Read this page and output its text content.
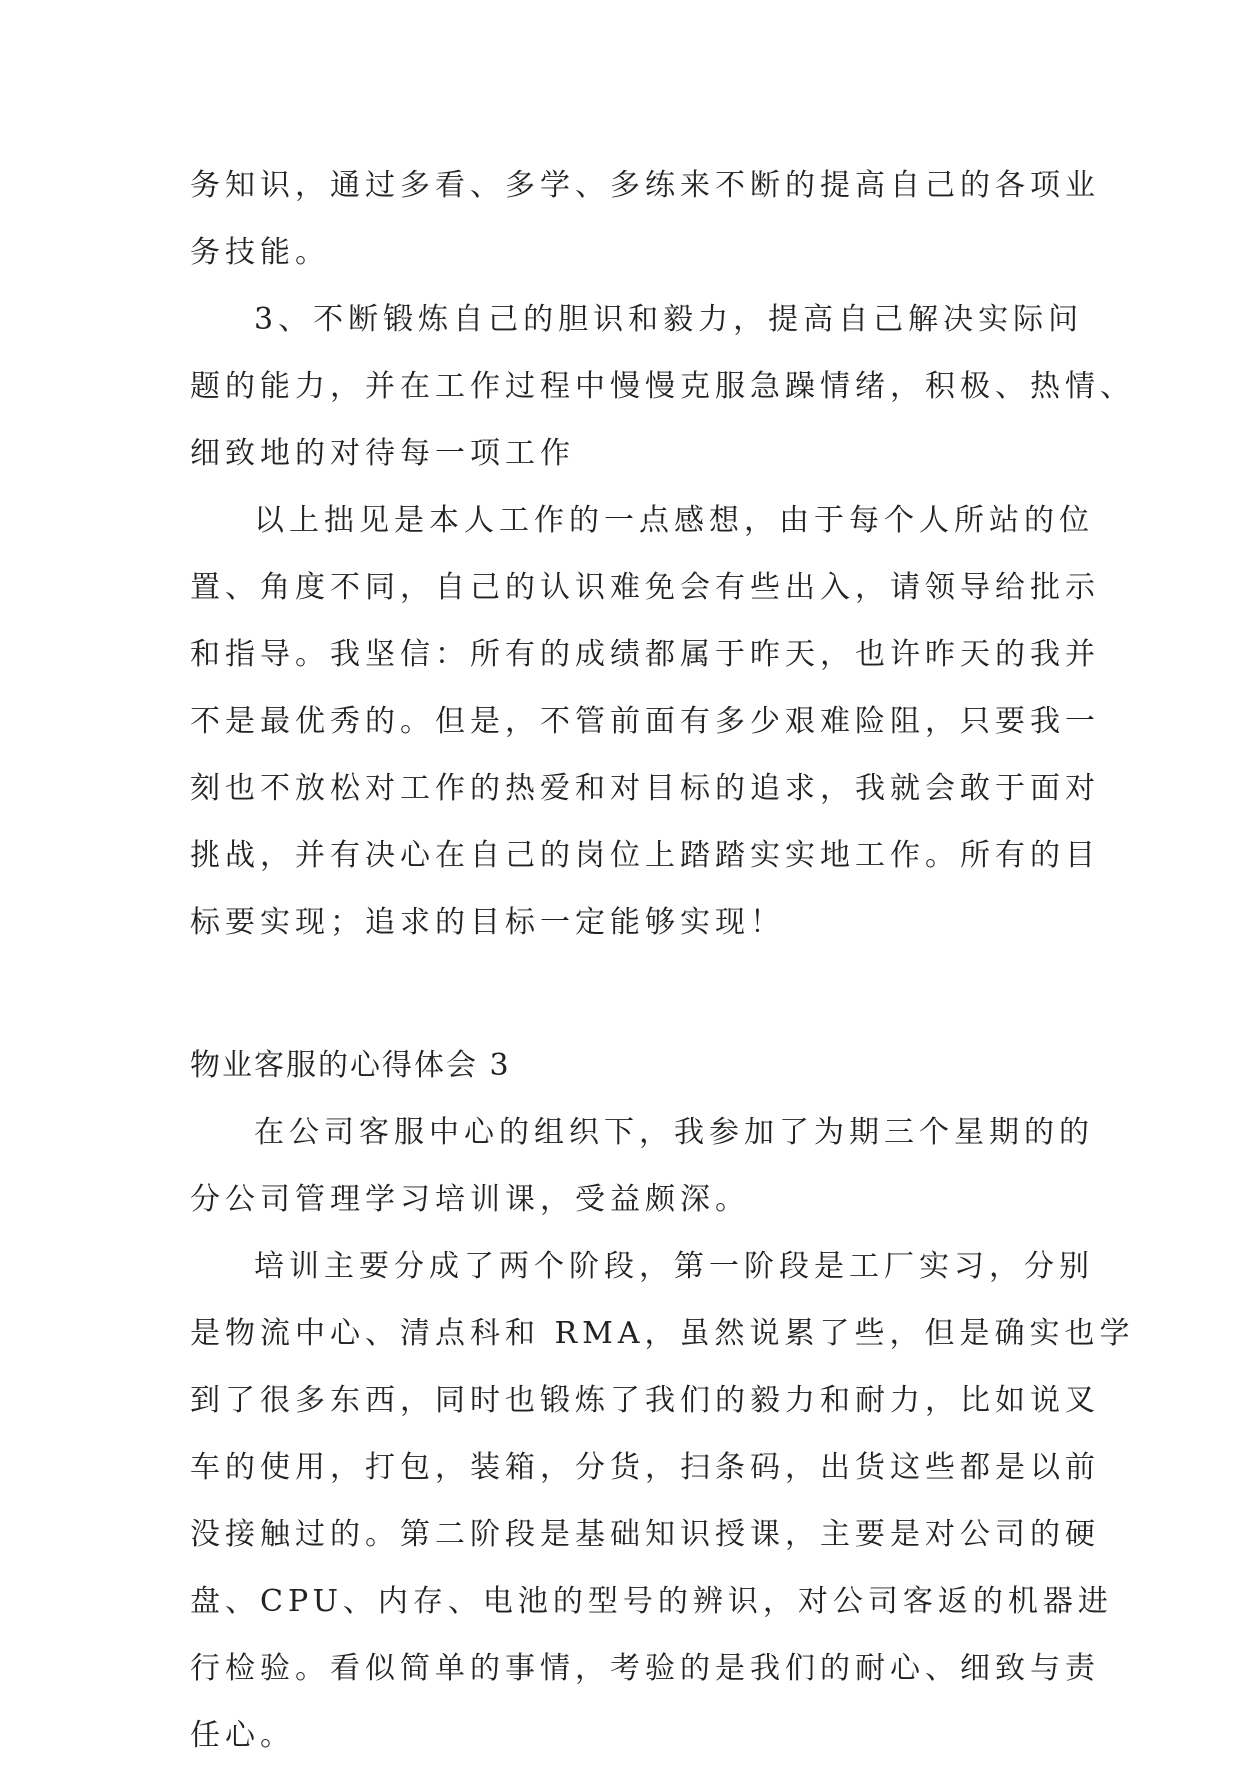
务知识，通过多看、多学、多练来不断的提高自己的各项业
务技能。
3、不断锻炼自己的胆识和毅力，提高自己解决实际问
题的能力，并在工作过程中慢慢克服急躁情绪，积极、热情、
细致地的对待每一项工作
以上拙见是本人工作的一点感想，由于每个人所站的位
置、角度不同，自己的认识难免会有些出入，请领导给批示
和指导。我坚信：所有的成绩都属于昨天，也许昨天的我并
不是最优秀的。但是，不管前面有多少艰难险阻，只要我一
刻也不放松对工作的热爱和对目标的追求，我就会敢于面对
挑战，并有决心在自己的岗位上踏踏实实地工作。所有的目
标要实现；追求的目标一定能够实现！
物业客服的心得体会 3
在公司客服中心的组织下，我参加了为期三个星期的的
分公司管理学习培训课，受益颇深。
培训主要分成了两个阶段，第一阶段是工厂实习，分别
是物流中心、清点科和 RMA，虽然说累了些，但是确实也学
到了很多东西，同时也锻炼了我们的毅力和耐力，比如说叉
车的使用，打包，装箱，分货，扫条码，出货这些都是以前
没接触过的。第二阶段是基础知识授课，主要是对公司的硬
盘、CPU、内存、电池的型号的辨识，对公司客返的机器进
行检验。看似简单的事情，考验的是我们的耐心、细致与责
任心。
